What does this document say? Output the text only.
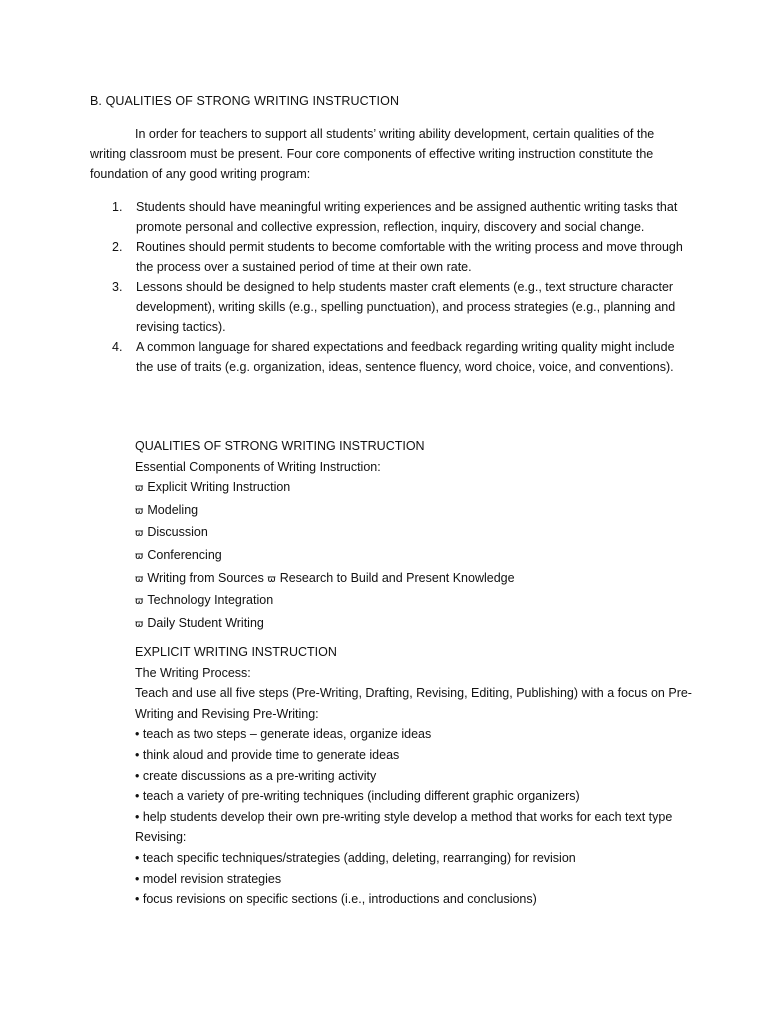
B. QUALITIES OF STRONG WRITING INSTRUCTION
In order for teachers to support all students’ writing ability development, certain qualities of the writing classroom must be present. Four core components of effective writing instruction constitute the foundation of any good writing program:
1.	Students should have meaningful writing experiences and be assigned authentic writing tasks that promote personal and collective expression, reflection, inquiry, discovery and social change.
2.	Routines should permit students to become comfortable with the writing process and move through the process over a sustained period of time at their own rate.
3.	Lessons should be designed to help students master craft elements (e.g., text structure character development), writing skills (e.g., spelling punctuation), and process strategies (e.g., planning and revising tactics).
4.	A common language for shared expectations and feedback regarding writing quality might include the use of traits (e.g. organization, ideas, sentence fluency, word choice, voice, and conventions).
QUALITIES OF STRONG WRITING INSTRUCTION
Essential Components of Writing Instruction:
ϖ Explicit Writing Instruction
ϖ Modeling
ϖ Discussion
ϖ Conferencing
ϖ Writing from Sources ϖ Research to Build and Present Knowledge
ϖ Technology Integration
ϖ Daily Student Writing
EXPLICIT WRITING INSTRUCTION
The Writing Process:
Teach and use all five steps (Pre-Writing, Drafting, Revising, Editing, Publishing) with a focus on Pre-Writing and Revising Pre-Writing:
• teach as two steps – generate ideas, organize ideas
• think aloud and provide time to generate ideas
• create discussions as a pre-writing activity
• teach a variety of pre-writing techniques (including different graphic organizers)
• help students develop their own pre-writing style develop a method that works for each text type
Revising:
• teach specific techniques/strategies (adding, deleting, rearranging) for revision
• model revision strategies
• focus revisions on specific sections (i.e., introductions and conclusions)
